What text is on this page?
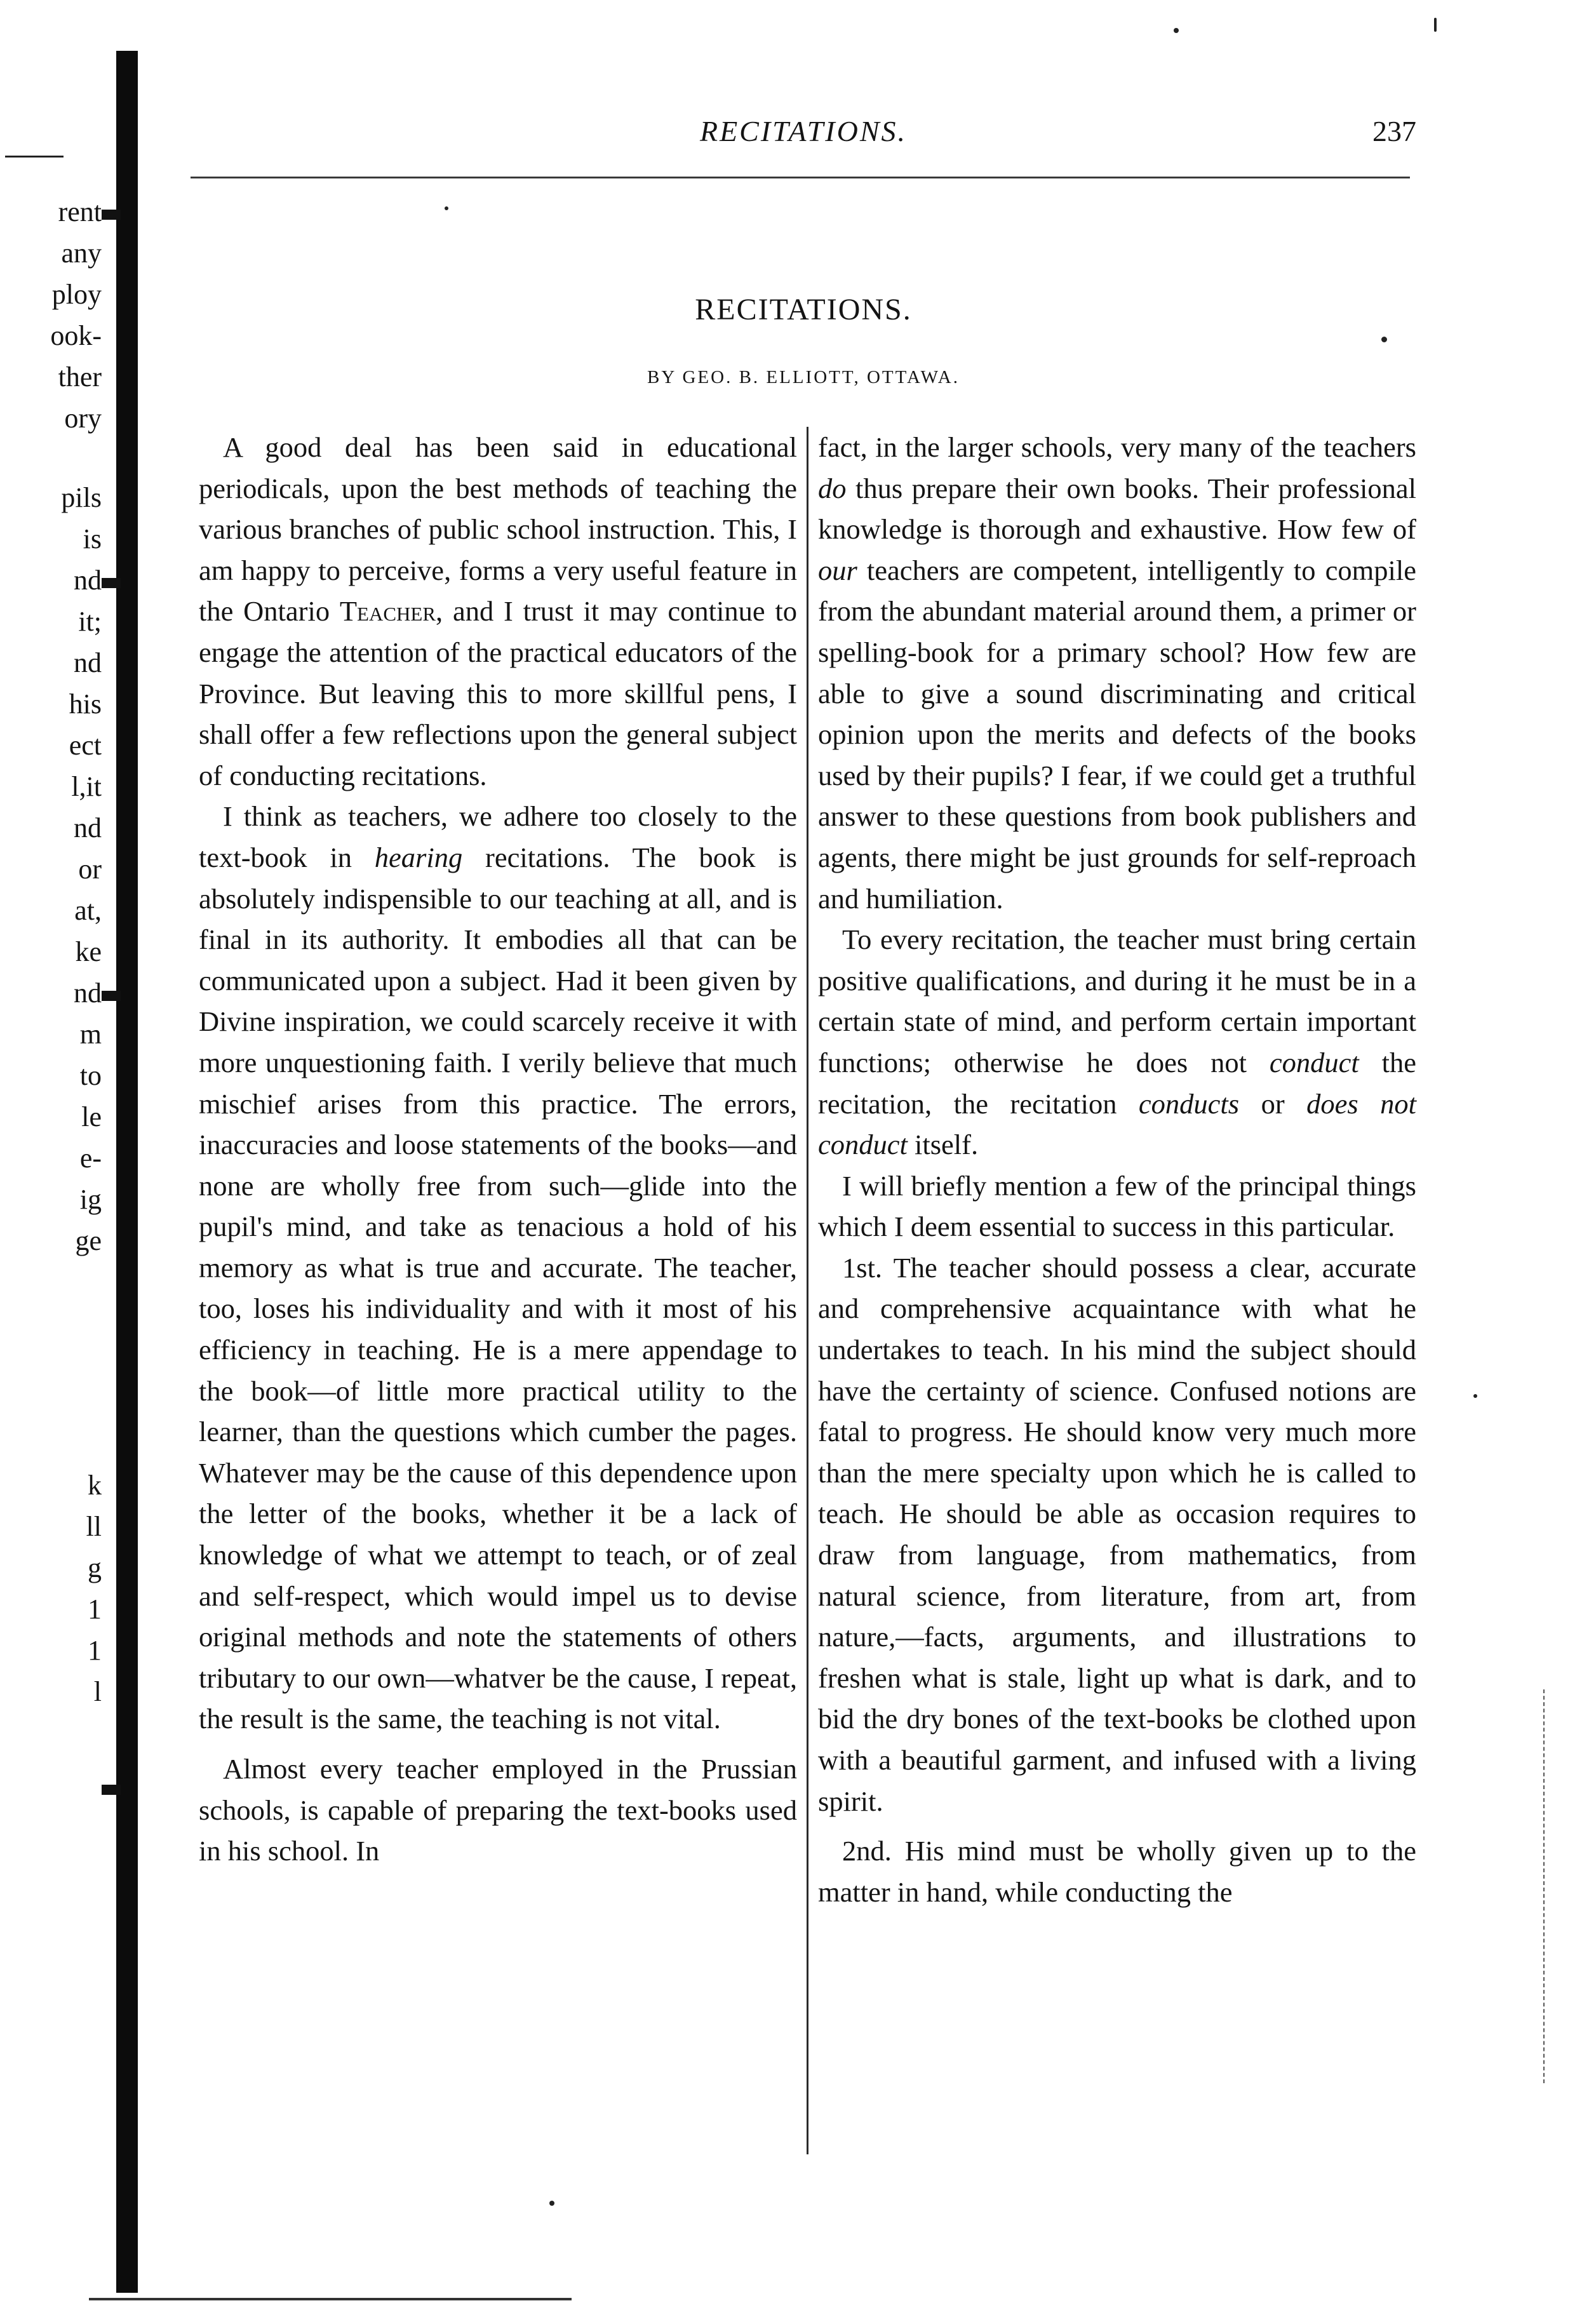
rent
any
ploy
ook-
ther
ory
pils
is
nd
it;
nd
his
ect
l,it
nd
or
at,
ke
nd
m
to
le
e-
ig
ge
k
ll
g
1
1
l
RECITATIONS.	237
RECITATIONS.
BY GEO. B. ELLIOTT, OTTAWA.

A good deal has been said in educational periodicals, upon the best methods of teaching the various branches of public school instruction. This, I am happy to perceive, forms a very useful feature in the Ontario Teacher, and I trust it may continue to engage the attention of the practical educators of the Province. But leaving this to more skillful pens, I shall offer a few reflections upon the general subject of conducting recitations.

I think as teachers, we adhere too closely to the text-book in hearing recitations. The book is absolutely indispensible to our teaching at all, and is final in its authority. It embodies all that can be communicated upon a subject. Had it been given by Divine inspiration, we could scarcely receive it with more unquestioning faith. I verily believe that much mischief arises from this practice. The errors, inaccuracies and loose statements of the books—and none are wholly free from such—glide into the pupil's mind, and take as tenacious a hold of his memory as what is true and accurate. The teacher, too, loses his individuality and with it most of his efficiency in teaching. He is a mere appendage to the book—of little more practical utility to the learner, than the questions which cumber the pages. Whatever may be the cause of this dependence upon the letter of the books, whether it be a lack of knowledge of what we attempt to teach, or of zeal and self-respect, which would impel us to devise original methods and note the statements of others tributary to our own—whatver be the cause, I repeat, the result is the same, the teaching is not vital.

Almost every teacher employed in the Prussian schools, is capable of preparing the text-books used in his school. In

fact, in the larger schools, very many of the teachers do thus prepare their own books. Their professional knowledge is thorough and exhaustive. How few of our teachers are competent, intelligently to compile from the abundant material around them, a primer or spelling-book for a primary school? How few are able to give a sound discriminating and critical opinion upon the merits and defects of the books used by their pupils? I fear, if we could get a truthful answer to these questions from book publishers and agents, there might be just grounds for self-reproach and humiliation.

To every recitation, the teacher must bring certain positive qualifications, and during it he must be in a certain state of mind, and perform certain important functions; otherwise he does not conduct the recitation, the recitation conducts or does not conduct itself.

I will briefly mention a few of the principal things which I deem essential to success in this particular.

1st. The teacher should possess a clear, accurate and comprehensive acquaintance with what he undertakes to teach. In his mind the subject should have the certainty of science. Confused notions are fatal to progress. He should know very much more than the mere specialty upon which he is called to teach. He should be able as occasion requires to draw from language, from mathematics, from natural science, from literature, from art, from nature,—facts, arguments, and illustrations to freshen what is stale, light up what is dark, and to bid the dry bones of the text-books be clothed upon with a beautiful garment, and infused with a living spirit.

2nd. His mind must be wholly given up to the matter in hand, while conducting the
